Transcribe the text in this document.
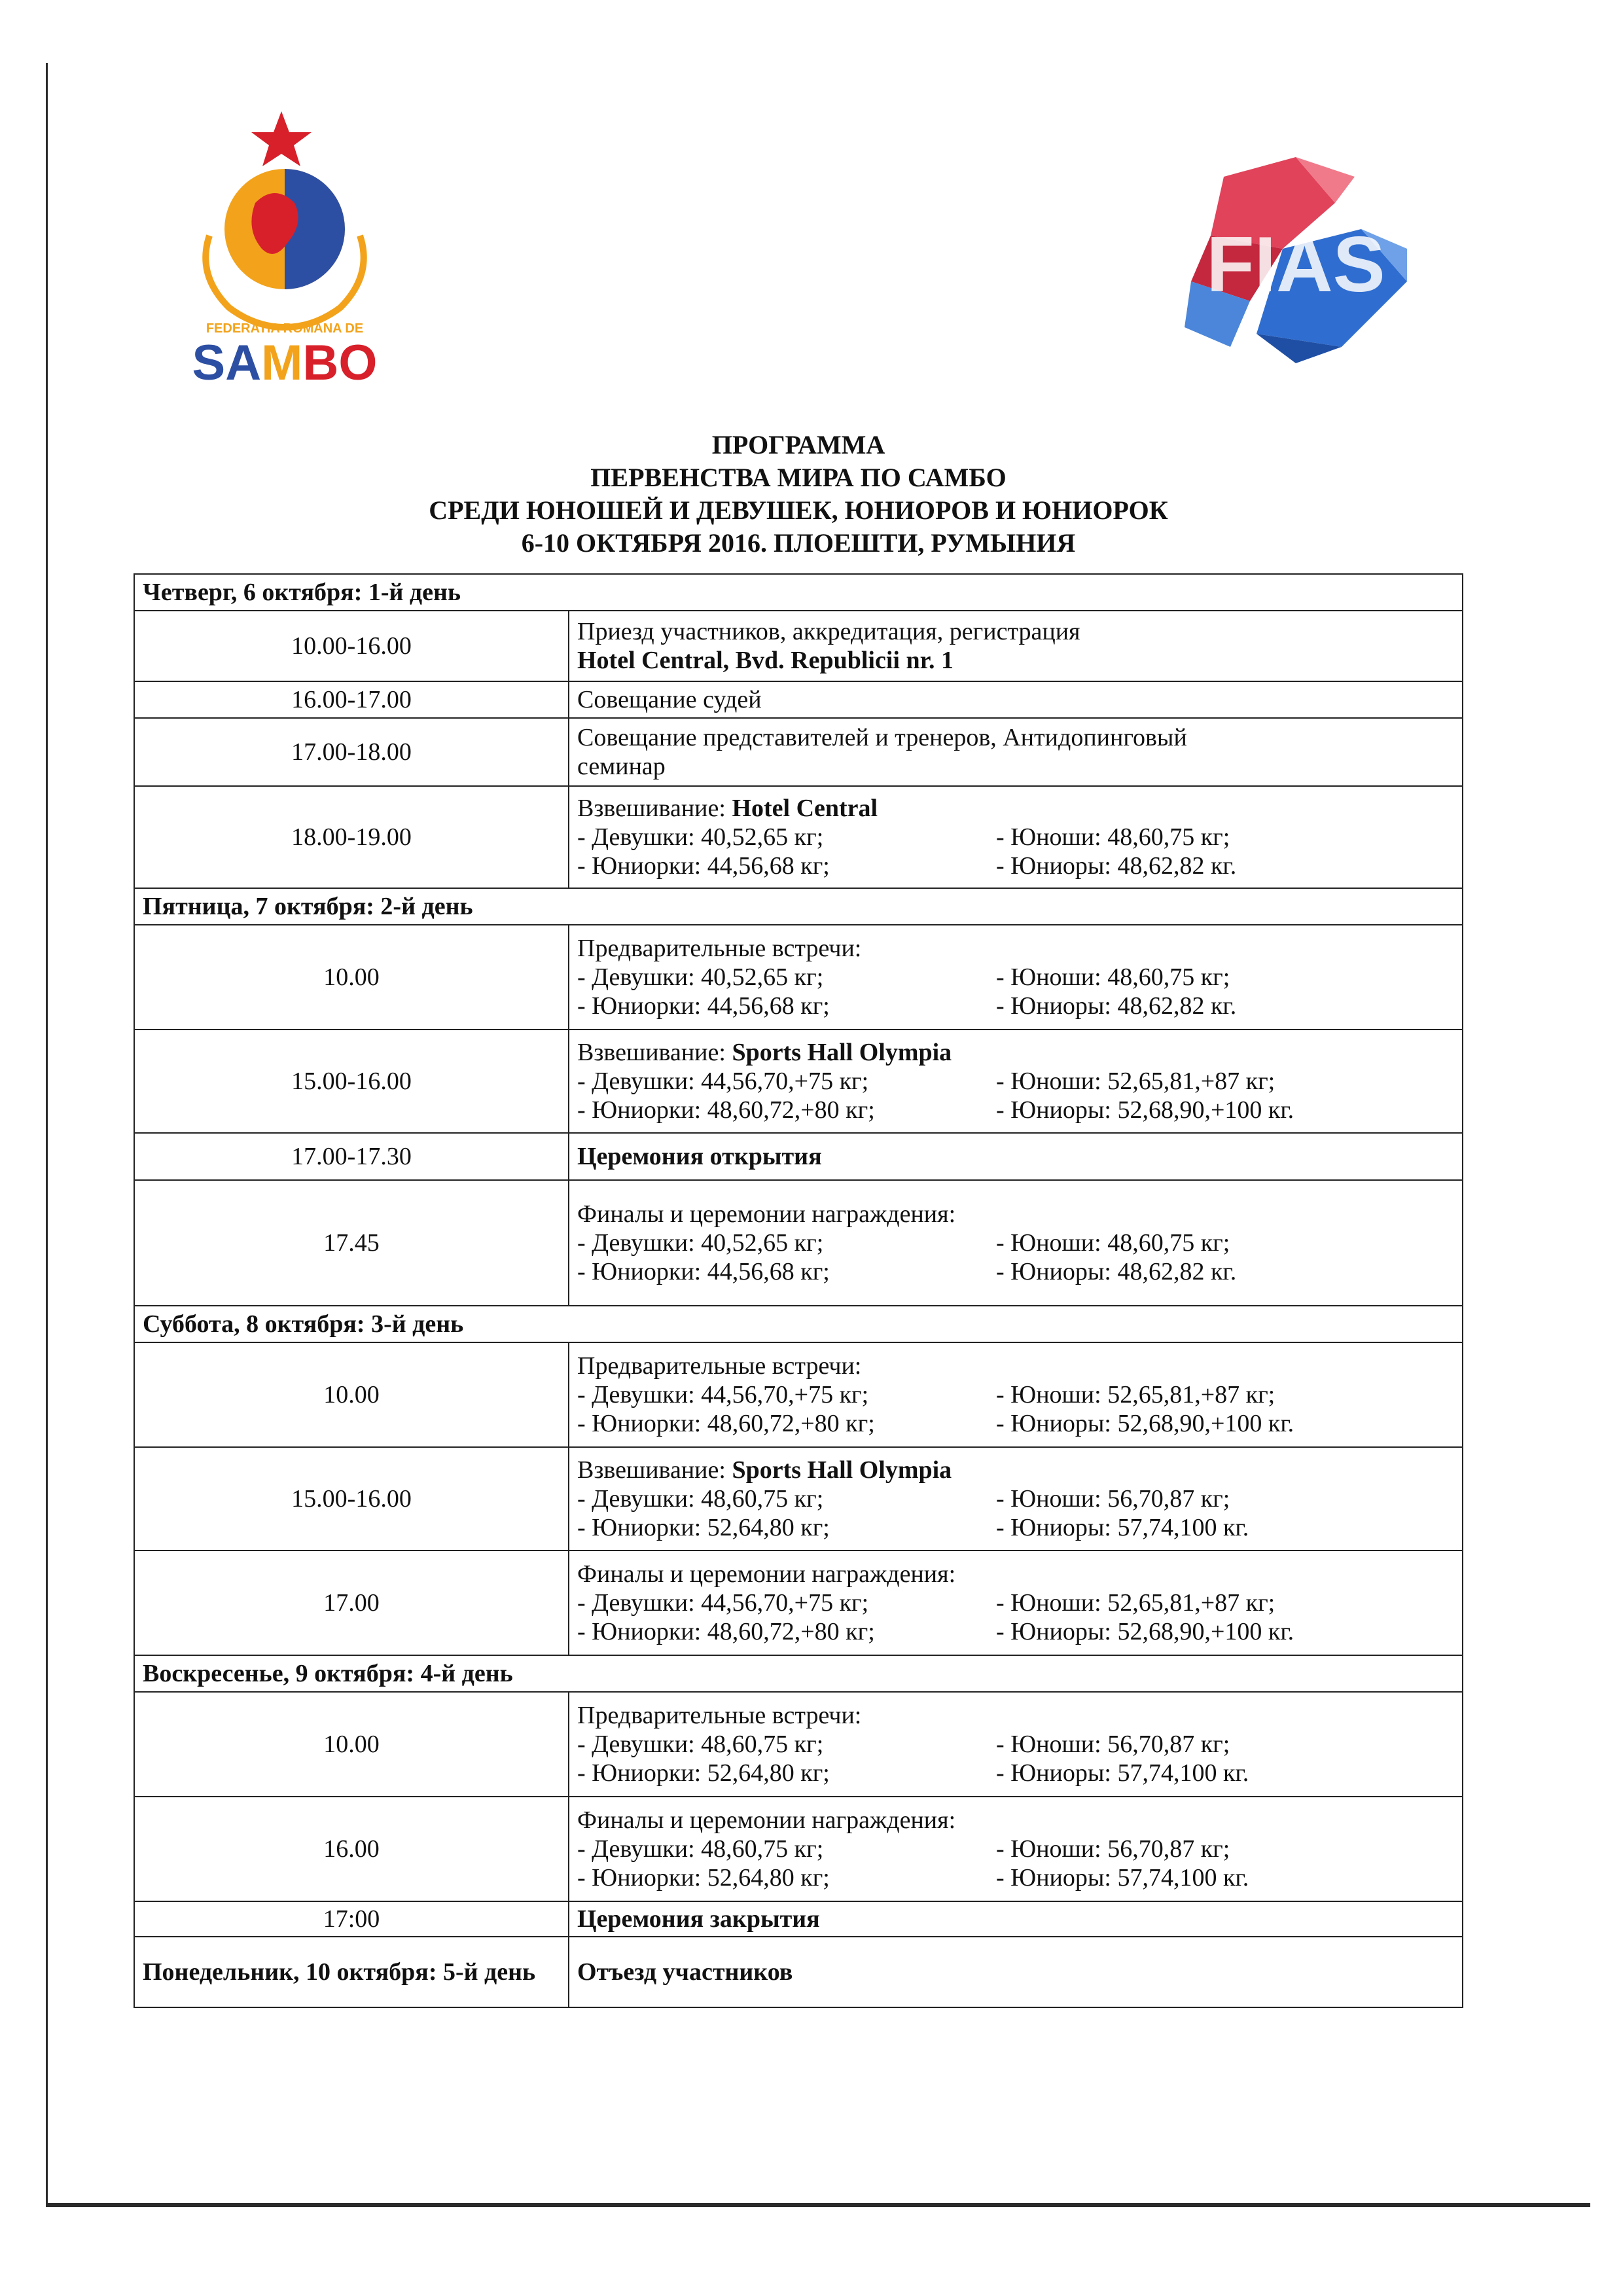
FEDERATIA ROMANA DE
SAMBO
FIAS
ПРОГРАММА
ПЕРВЕНСТВА МИРА ПО САМБО
СРЕДИ ЮНОШЕЙ И ДЕВУШЕК, ЮНИОРОВ И ЮНИОРОК
6-10 ОКТЯБРЯ 2016. ПЛОЕШТИ, РУМЫНИЯ
Четверг, 6 октября: 1-й день	
10.00-16.00	Приезд участников, аккредитация, регистрация
Hotel Central, Bvd. Republicii nr. 1

16.00-17.00	Совещание судей
17.00-18.00	Совещание представителей и тренеров, Антидопинговый
семинар

18.00-19.00	Взвешивание: Hotel Central
- Девушки: 40,52,65 кг; - Юноши: 48,60,75 кг;
- Юниорки: 44,56,68 кг; - Юниоры: 48,62,82 кг.

Пятница, 7 октября: 2-й день	
10.00	Предварительные встречи:
- Девушки: 40,52,65 кг; - Юноши: 48,60,75 кг;
- Юниорки: 44,56,68 кг; - Юниоры: 48,62,82 кг.

15.00-16.00	Взвешивание: Sports Hall Olympia
- Девушки: 44,56,70,+75 кг; - Юноши: 52,65,81,+87 кг;
- Юниорки: 48,60,72,+80 кг; - Юниоры: 52,68,90,+100 кг.

17.00-17.30	Церемония открытия
17.45	Финалы и церемонии награждения:
- Девушки: 40,52,65 кг; - Юноши: 48,60,75 кг;
- Юниорки: 44,56,68 кг; - Юниоры: 48,62,82 кг.

Суббота, 8 октября: 3-й день	
10.00	Предварительные встречи:
- Девушки: 44,56,70,+75 кг; - Юноши: 52,65,81,+87 кг;
- Юниорки: 48,60,72,+80 кг; - Юниоры: 52,68,90,+100 кг.

15.00-16.00	Взвешивание: Sports Hall Olympia
- Девушки: 48,60,75 кг; - Юноши: 56,70,87 кг;
- Юниорки: 52,64,80 кг; - Юниоры: 57,74,100 кг.

17.00	Финалы и церемонии награждения:
- Девушки: 44,56,70,+75 кг; - Юноши: 52,65,81,+87 кг;
- Юниорки: 48,60,72,+80 кг; - Юниоры: 52,68,90,+100 кг.

Воскресенье, 9 октября: 4-й день	
10.00	Предварительные встречи:
- Девушки: 48,60,75 кг; - Юноши: 56,70,87 кг;
- Юниорки: 52,64,80 кг; - Юниоры: 57,74,100 кг.

16.00	Финалы и церемонии награждения:
- Девушки: 48,60,75 кг; - Юноши: 56,70,87 кг;
- Юниорки: 52,64,80 кг; - Юниоры: 57,74,100 кг.

17:00	Церемония закрытия
Понедельник, 10 октября: 5-й день	Отъезд участников
